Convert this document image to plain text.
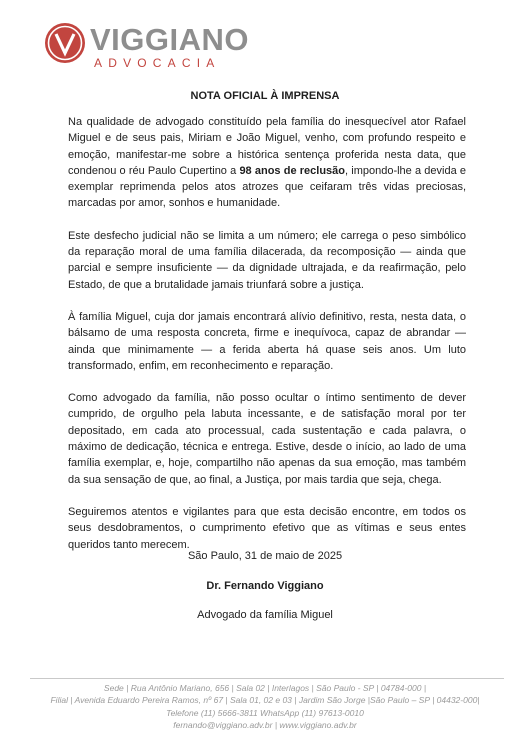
VIGGIANO
ADVOCACIA
NOTA OFICIAL À IMPRENSA

Na qualidade de advogado constituído pela família do inesquecível ator Rafael Miguel e de seus pais, Miriam e João Miguel, venho, com profundo respeito e emoção, manifestar-me sobre a histórica sentença proferida nesta data, que condenou o réu Paulo Cupertino a 98 anos de reclusão, impondo-lhe a devida e exemplar reprimenda pelos atos atrozes que ceifaram três vidas preciosas, marcadas por amor, sonhos e humanidade.

Este desfecho judicial não se limita a um número; ele carrega o peso simbólico da reparação moral de uma família dilacerada, da recomposição — ainda que parcial e sempre insuficiente — da dignidade ultrajada, e da reafirmação, pelo Estado, de que a brutalidade jamais triunfará sobre a justiça.

À família Miguel, cuja dor jamais encontrará alívio definitivo, resta, nesta data, o bálsamo de uma resposta concreta, firme e inequívoca, capaz de abrandar — ainda que minimamente — a ferida aberta há quase seis anos. Um luto transformado, enfim, em reconhecimento e reparação.

Como advogado da família, não posso ocultar o íntimo sentimento de dever cumprido, de orgulho pela labuta incessante, e de satisfação moral por ter depositado, em cada ato processual, cada sustentação e cada palavra, o máximo de dedicação, técnica e entrega. Estive, desde o início, ao lado de uma família exemplar, e, hoje, compartilho não apenas da sua emoção, mas também da sua sensação de que, ao final, a Justiça, por mais tardia que seja, chega.

Seguiremos atentos e vigilantes para que esta decisão encontre, em todos os seus desdobramentos, o cumprimento efetivo que as vítimas e seus entes queridos tanto merecem.

São Paulo, 31 de maio de 2025
Dr. Fernando Viggiano
Advogado da família Miguel
Sede | Rua Antônio Mariano, 656 | Sala 02 | Interlagos | São Paulo - SP | 04784-000 |
Filial | Avenida Eduardo Pereira Ramos, nº 67 | Sala 01, 02 e 03 | Jardim São Jorge |São Paulo – SP | 04432-000|
Telefone (11) 5666-3811 WhatsApp (11) 97613-0010
fernando@viggiano.adv.br | www.viggiano.adv.br
